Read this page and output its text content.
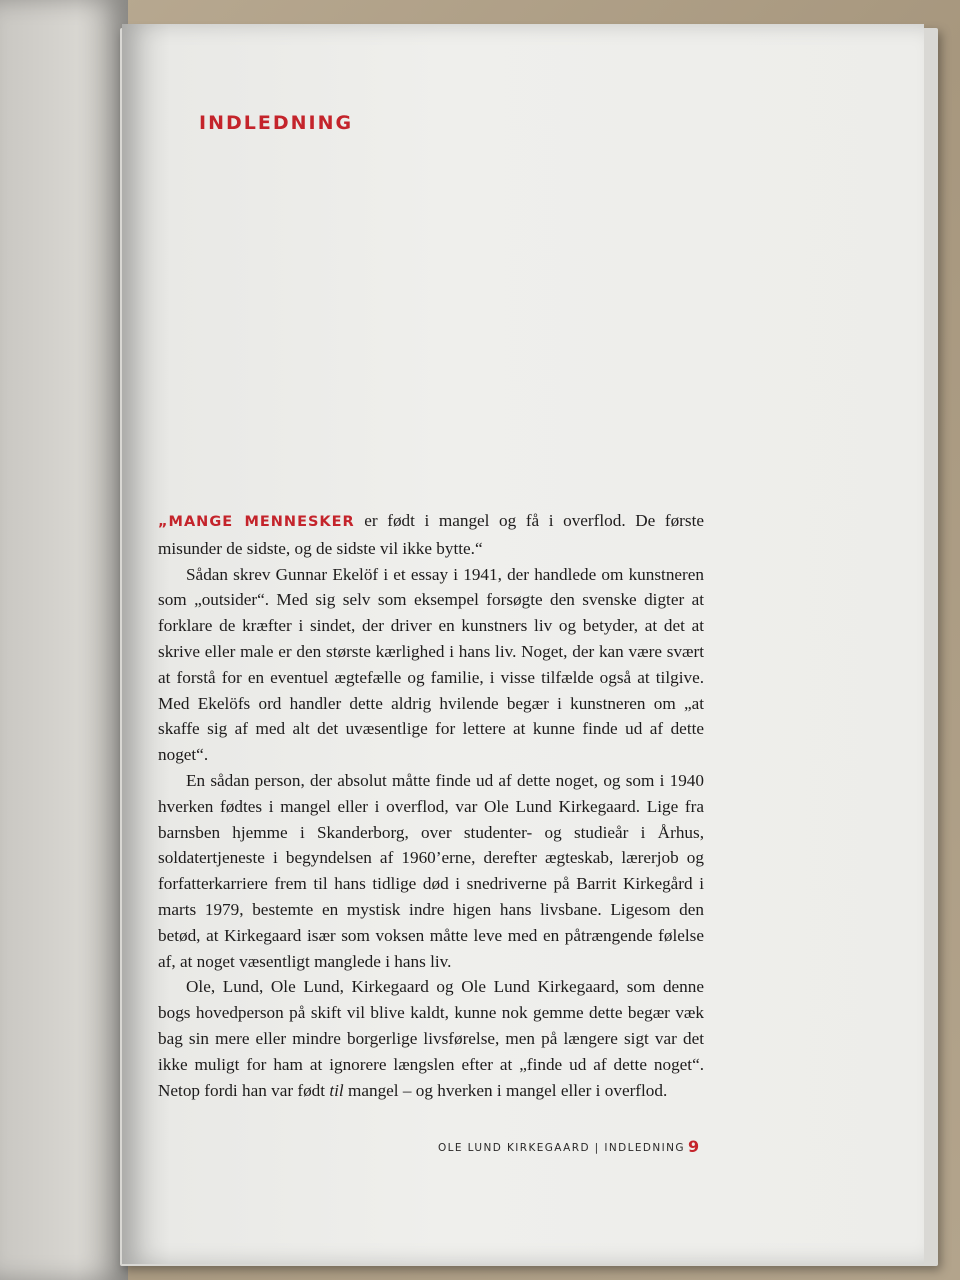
INDLEDNING

„MANGE MENNESKER er født i mangel og få i overflod. De første misunder de sidste, og de sidste vil ikke bytte.“

Sådan skrev Gunnar Ekelöf i et essay i 1941, der handlede om kunstneren som „outsider“. Med sig selv som eksempel forsøgte den svenske digter at forklare de kræfter i sindet, der driver en kunstners liv og betyder, at det at skrive eller male er den største kærlighed i hans liv. Noget, der kan være svært at forstå for en eventuel ægtefælle og familie, i visse tilfælde også at tilgive. Med Ekelöfs ord handler dette aldrig hvilende begær i kunstneren om „at skaffe sig af med alt det uvæsentlige for lettere at kunne finde ud af dette noget“.

En sådan person, der absolut måtte finde ud af dette noget, og som i 1940 hverken fødtes i mangel eller i overflod, var Ole Lund Kirkegaard. Lige fra barnsben hjemme i Skanderborg, over studenter- og studieår i Århus, soldatertjeneste i begyndelsen af 1960’erne, derefter ægteskab, lærerjob og forfatterkarriere frem til hans tidlige død i snedriverne på Barrit Kirkegård i marts 1979, bestemte en mystisk indre higen hans livsbane. Ligesom den betød, at Kirkegaard især som voksen måtte leve med en påtrængende følelse af, at noget væsentligt manglede i hans liv.

Ole, Lund, Ole Lund, Kirkegaard og Ole Lund Kirkegaard, som denne bogs hovedperson på skift vil blive kaldt, kunne nok gemme dette begær væk bag sin mere eller mindre borgerlige livsførelse, men på længere sigt var det ikke muligt for ham at ignorere længslen efter at „finde ud af dette noget“. Netop fordi han var født til mangel – og hverken i mangel eller i overflod.

OLE LUND KIRKEGAARD | INDLEDNING 9
